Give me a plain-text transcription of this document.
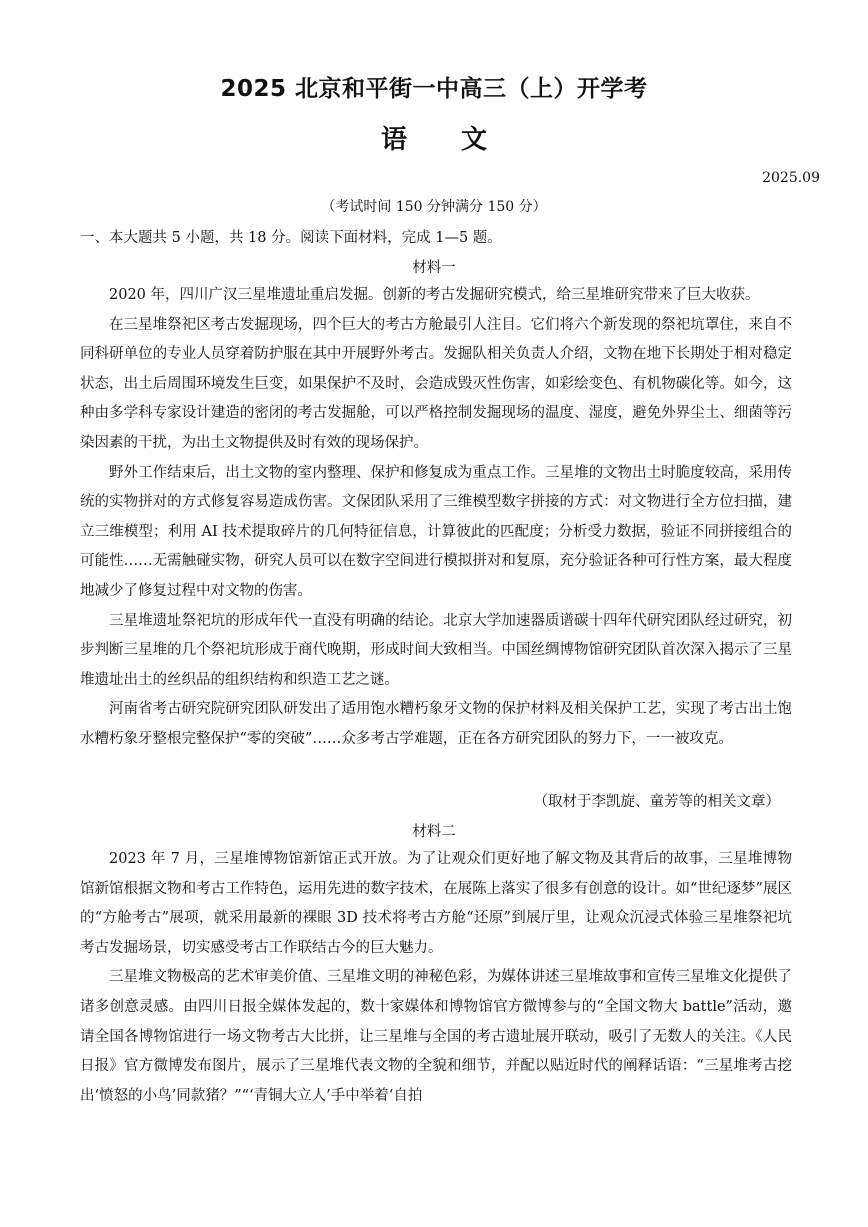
2025 北京和平街一中高三（上）开学考
语文
2025.09
（考试时间 150 分钟满分 150 分）
一、本大题共 5 小题，共 18 分。阅读下面材料，完成 1—5 题。
材料一

2020 年，四川广汉三星堆遗址重启发掘。创新的考古发掘研究模式，给三星堆研究带来了巨大收获。

在三星堆祭祀区考古发掘现场，四个巨大的考古方舱最引人注目。它们将六个新发现的祭祀坑罩住，来自不同科研单位的专业人员穿着防护服在其中开展野外考古。发掘队相关负责人介绍，文物在地下长期处于相对稳定状态，出土后周围环境发生巨变，如果保护不及时，会造成毁灭性伤害，如彩绘变色、有机物碳化等。如今，这种由多学科专家设计建造的密闭的考古发掘舱，可以严格控制发掘现场的温度、湿度，避免外界尘土、细菌等污染因素的干扰，为出土文物提供及时有效的现场保护。

野外工作结束后，出土文物的室内整理、保护和修复成为重点工作。三星堆的文物出土时脆度较高，采用传统的实物拼对的方式修复容易造成伤害。文保团队采用了三维模型数字拼接的方式：对文物进行全方位扫描，建立三维模型；利用 AI 技术提取碎片的几何特征信息，计算彼此的匹配度；分析受力数据，验证不同拼接组合的可能性……无需触碰实物，研究人员可以在数字空间进行模拟拼对和复原，充分验证各种可行性方案，最大程度地减少了修复过程中对文物的伤害。

三星堆遗址祭祀坑的形成年代一直没有明确的结论。北京大学加速器质谱碳十四年代研究团队经过研究，初步判断三星堆的几个祭祀坑形成于商代晚期，形成时间大致相当。中国丝绸博物馆研究团队首次深入揭示了三星堆遗址出土的丝织品的组织结构和织造工艺之谜。

河南省考古研究院研究团队研发出了适用饱水糟朽象牙文物的保护材料及相关保护工艺，实现了考古出土饱水糟朽象牙整根完整保护“零的突破”……众多考古学难题，正在各方研究团队的努力下，一一被攻克。

（取材于李凯旋、童芳等的相关文章）
材料二

2023 年 7 月，三星堆博物馆新馆正式开放。为了让观众们更好地了解文物及其背后的故事，三星堆博物馆新馆根据文物和考古工作特色，运用先进的数字技术，在展陈上落实了很多有创意的设计。如“世纪逐梦”展区的“方舱考古”展项，就采用最新的裸眼 3D 技术将考古方舱“还原”到展厅里，让观众沉浸式体验三星堆祭祀坑考古发掘场景，切实感受考古工作联结古今的巨大魅力。

三星堆文物极高的艺术审美价值、三星堆文明的神秘色彩，为媒体讲述三星堆故事和宣传三星堆文化提供了诸多创意灵感。由四川日报全媒体发起的，数十家媒体和博物馆官方微博参与的“全国文物大 battle”活动，邀请全国各博物馆进行一场文物考古大比拼，让三星堆与全国的考古遗址展开联动，吸引了无数人的关注。《人民日报》官方微博发布图片，展示了三星堆代表文物的全貌和细节，并配以贴近时代的阐释话语：“三星堆考古挖出‘愤怒的小鸟’同款猪？”“‘青铜大立人’手中举着‘自拍
